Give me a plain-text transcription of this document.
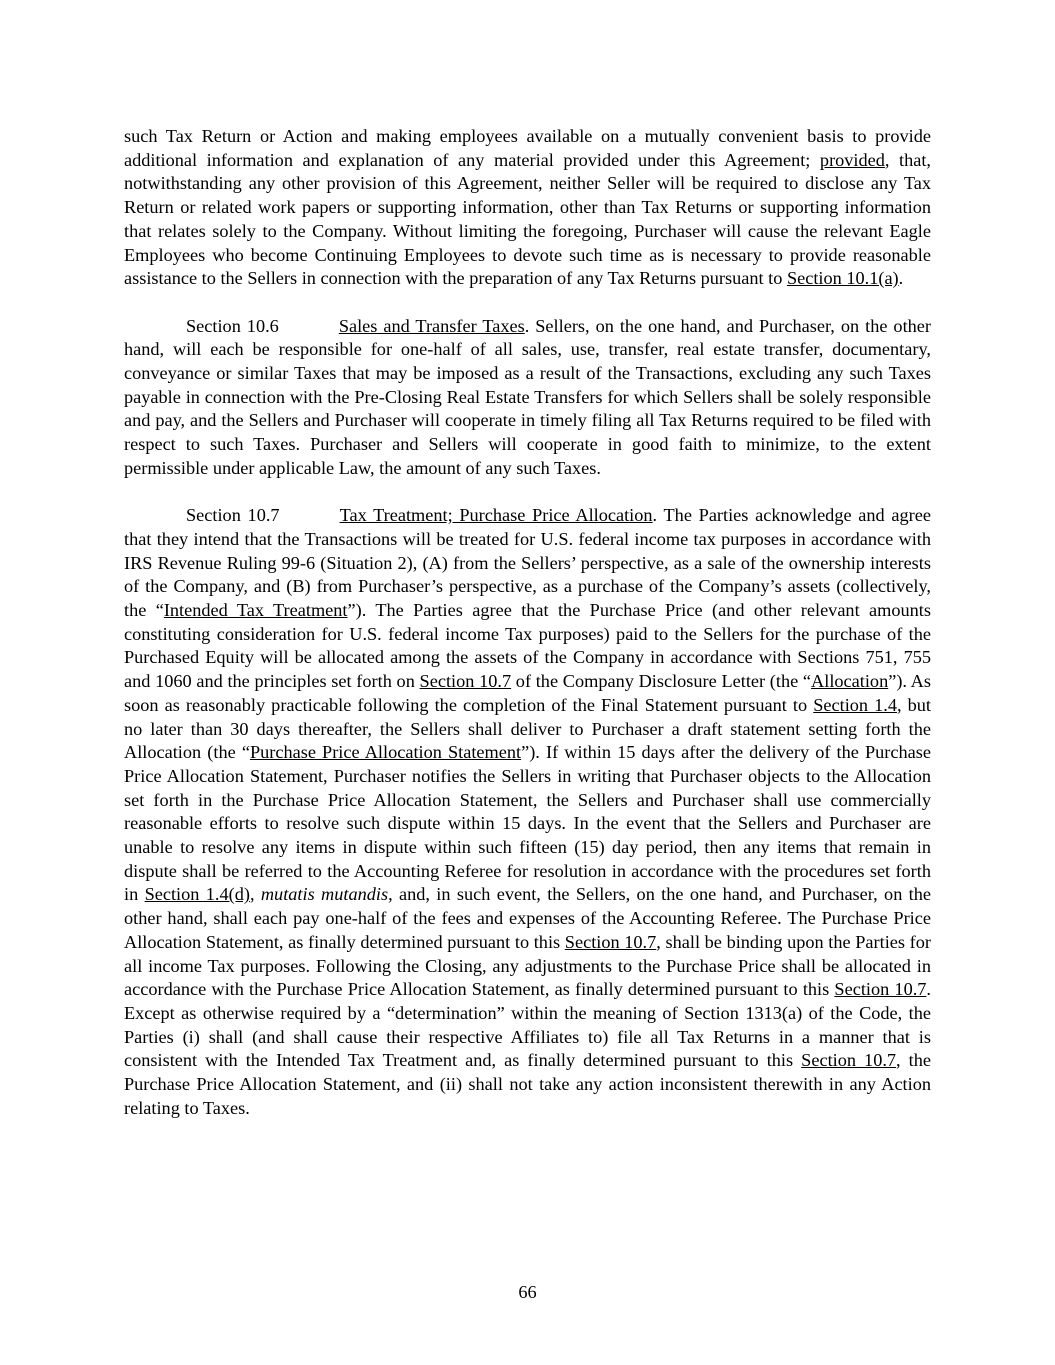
such Tax Return or Action and making employees available on a mutually convenient basis to provide additional information and explanation of any material provided under this Agreement; provided, that, notwithstanding any other provision of this Agreement, neither Seller will be required to disclose any Tax Return or related work papers or supporting information, other than Tax Returns or supporting information that relates solely to the Company. Without limiting the foregoing, Purchaser will cause the relevant Eagle Employees who become Continuing Employees to devote such time as is necessary to provide reasonable assistance to the Sellers in connection with the preparation of any Tax Returns pursuant to Section 10.1(a).

Section 10.6	Sales and Transfer Taxes. Sellers, on the one hand, and Purchaser, on the other hand, will each be responsible for one-half of all sales, use, transfer, real estate transfer, documentary, conveyance or similar Taxes that may be imposed as a result of the Transactions, excluding any such Taxes payable in connection with the Pre-Closing Real Estate Transfers for which Sellers shall be solely responsible and pay, and the Sellers and Purchaser will cooperate in timely filing all Tax Returns required to be filed with respect to such Taxes. Purchaser and Sellers will cooperate in good faith to minimize, to the extent permissible under applicable Law, the amount of any such Taxes.

Section 10.7	Tax Treatment; Purchase Price Allocation. The Parties acknowledge and agree that they intend that the Transactions will be treated for U.S. federal income tax purposes in accordance with IRS Revenue Ruling 99-6 (Situation 2), (A) from the Sellers’ perspective, as a sale of the ownership interests of the Company, and (B) from Purchaser’s perspective, as a purchase of the Company’s assets (collectively, the “Intended Tax Treatment”). The Parties agree that the Purchase Price (and other relevant amounts constituting consideration for U.S. federal income Tax purposes) paid to the Sellers for the purchase of the Purchased Equity will be allocated among the assets of the Company in accordance with Sections 751, 755 and 1060 and the principles set forth on Section 10.7 of the Company Disclosure Letter (the “Allocation”). As soon as reasonably practicable following the completion of the Final Statement pursuant to Section 1.4, but no later than 30 days thereafter, the Sellers shall deliver to Purchaser a draft statement setting forth the Allocation (the “Purchase Price Allocation Statement”). If within 15 days after the delivery of the Purchase Price Allocation Statement, Purchaser notifies the Sellers in writing that Purchaser objects to the Allocation set forth in the Purchase Price Allocation Statement, the Sellers and Purchaser shall use commercially reasonable efforts to resolve such dispute within 15 days. In the event that the Sellers and Purchaser are unable to resolve any items in dispute within such fifteen (15) day period, then any items that remain in dispute shall be referred to the Accounting Referee for resolution in accordance with the procedures set forth in Section 1.4(d), mutatis mutandis, and, in such event, the Sellers, on the one hand, and Purchaser, on the other hand, shall each pay one-half of the fees and expenses of the Accounting Referee. The Purchase Price Allocation Statement, as finally determined pursuant to this Section 10.7, shall be binding upon the Parties for all income Tax purposes. Following the Closing, any adjustments to the Purchase Price shall be allocated in accordance with the Purchase Price Allocation Statement, as finally determined pursuant to this Section 10.7. Except as otherwise required by a “determination” within the meaning of Section 1313(a) of the Code, the Parties (i) shall (and shall cause their respective Affiliates to) file all Tax Returns in a manner that is consistent with the Intended Tax Treatment and, as finally determined pursuant to this Section 10.7, the Purchase Price Allocation Statement, and (ii) shall not take any action inconsistent therewith in any Action relating to Taxes.

66
